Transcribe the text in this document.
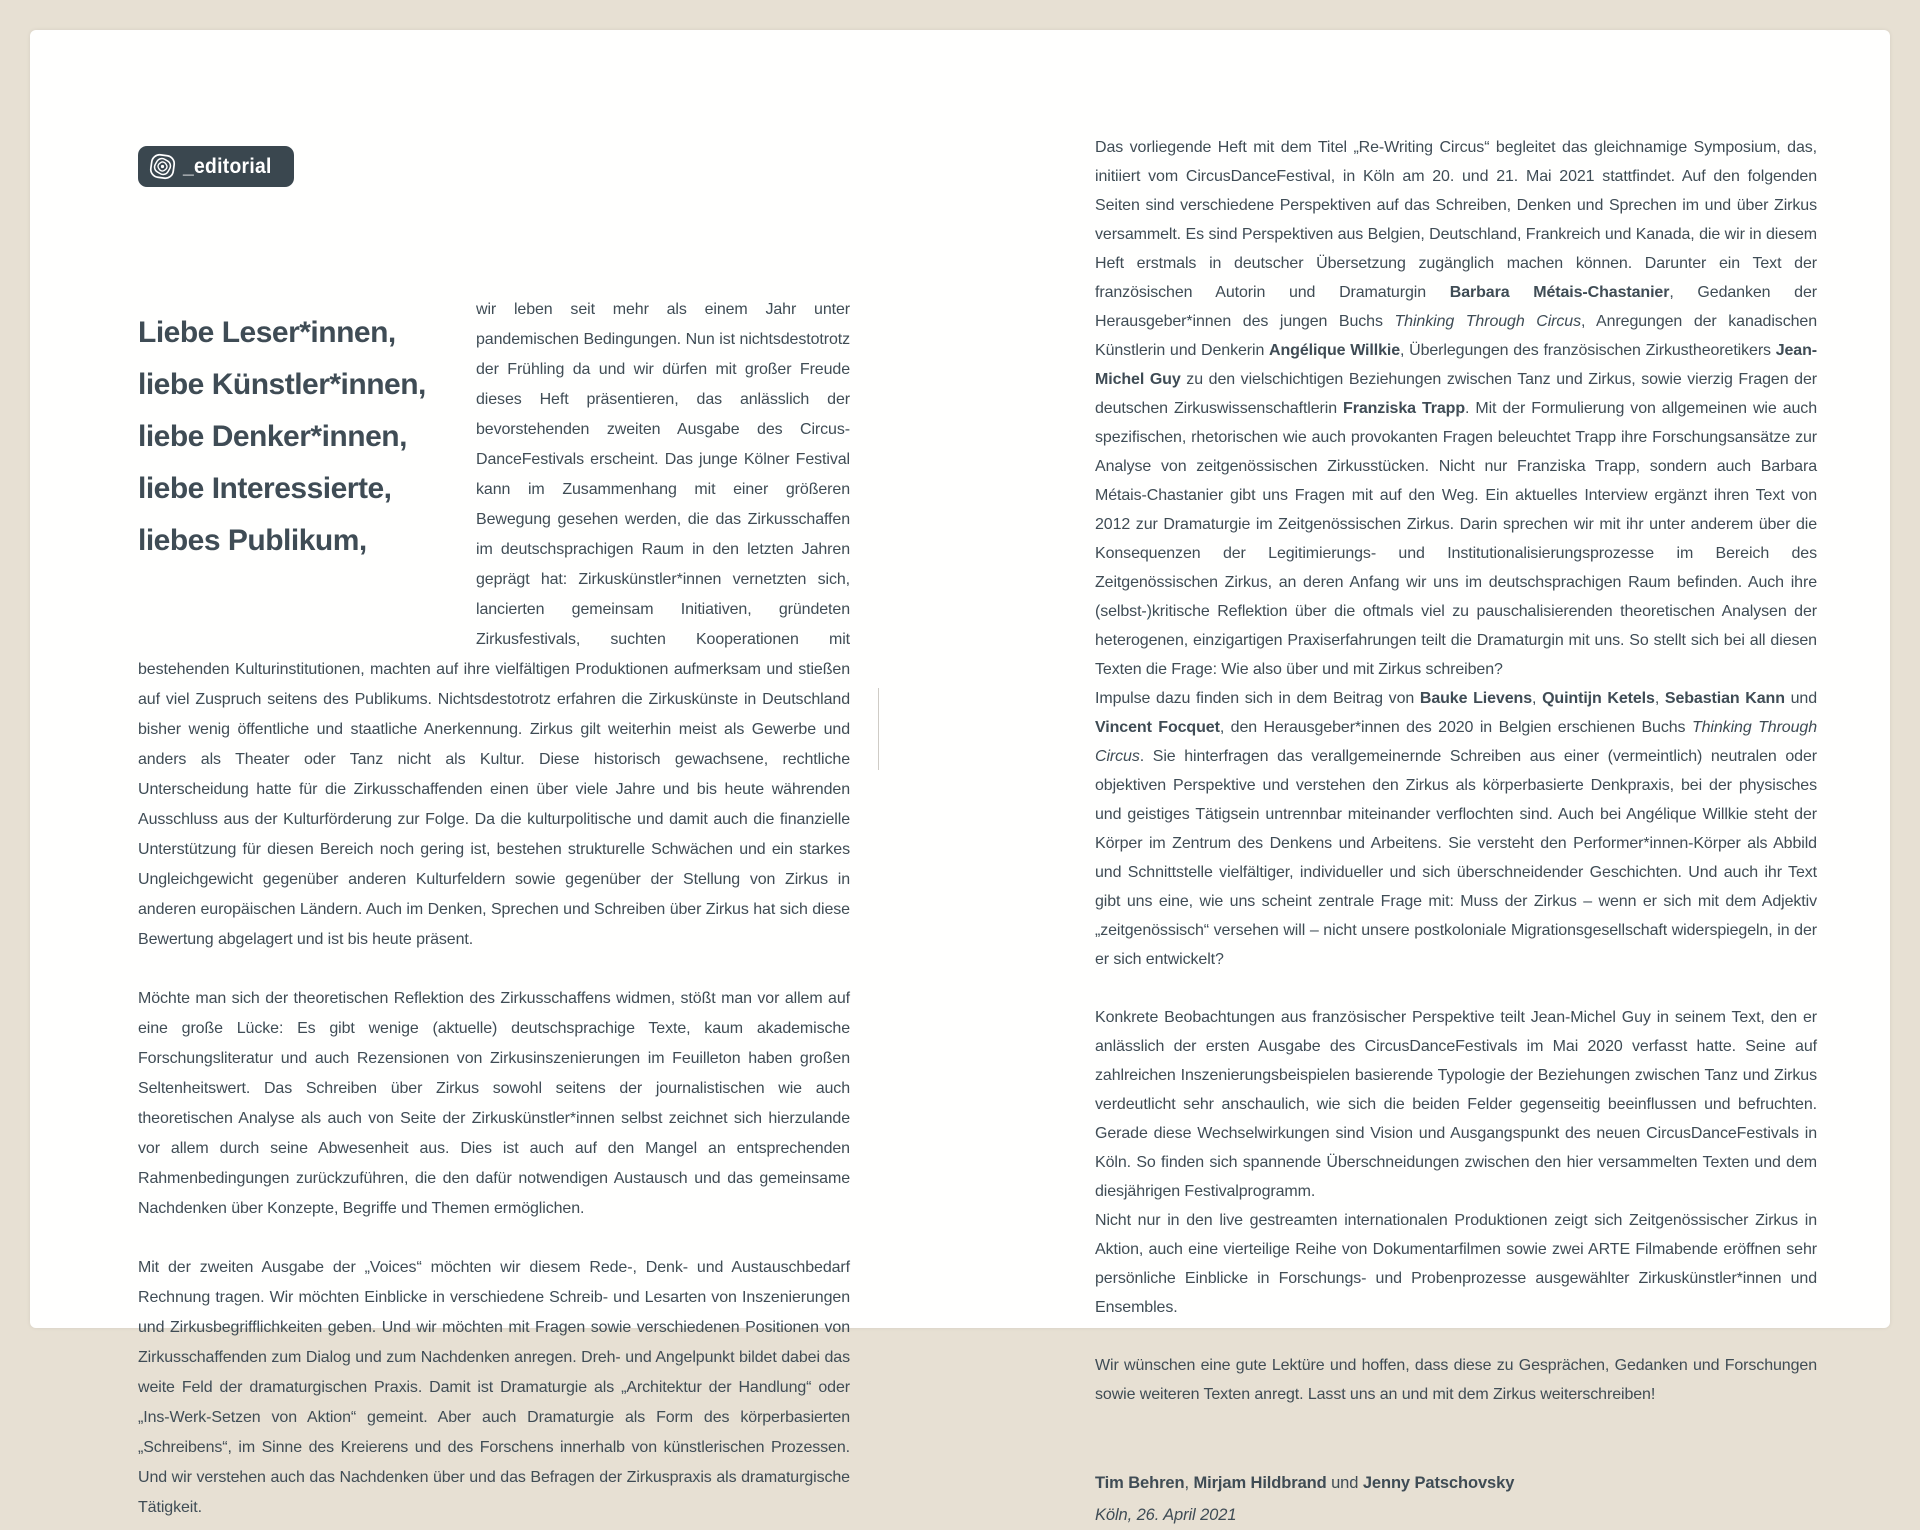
_editorial
Liebe Leser*innen,
liebe Künstler*innen,
liebe Denker*innen,
liebe Interessierte,
liebes Publikum,

wir leben seit mehr als einem Jahr unter pandemischen Bedingungen. Nun ist nichtsdestotrotz der Frühling da und wir dürfen mit großer Freude dieses Heft präsentieren, das anlässlich der bevorstehenden zweiten Ausgabe des Circus-DanceFestivals erscheint. Das junge Kölner Festival kann im Zusammenhang mit einer größeren Bewegung gesehen werden, die das Zirkusschaffen im deutschsprachigen Raum in den letzten Jahren geprägt hat: Zirkuskünstler*innen vernetzten sich, lancierten gemeinsam Initiativen, gründeten Zirkusfestivals, suchten Kooperationen mit bestehenden Kulturinstitutionen, machten auf ihre vielfältigen Produktionen aufmerksam und stießen auf viel Zuspruch seitens des Publikums. Nichtsdestotrotz erfahren die Zirkuskünste in Deutschland bisher wenig öffentliche und staatliche Anerkennung. Zirkus gilt weiterhin meist als Gewerbe und anders als Theater oder Tanz nicht als Kultur. Diese historisch gewachsene, rechtliche Unterscheidung hatte für die Zirkusschaffenden einen über viele Jahre und bis heute währenden Ausschluss aus der Kulturförderung zur Folge. Da die kulturpolitische und damit auch die finanzielle Unterstützung für diesen Bereich noch gering ist, bestehen strukturelle Schwächen und ein starkes Ungleichgewicht gegenüber anderen Kulturfeldern sowie gegenüber der Stellung von Zirkus in anderen europäischen Ländern. Auch im Denken, Sprechen und Schreiben über Zirkus hat sich diese Bewertung abgelagert und ist bis heute präsent.

Möchte man sich der theoretischen Reflektion des Zirkusschaffens widmen, stößt man vor allem auf eine große Lücke: Es gibt wenige (aktuelle) deutschsprachige Texte, kaum akademische Forschungsliteratur und auch Rezensionen von Zirkusinszenierungen im Feuilleton haben großen Seltenheitswert. Das Schreiben über Zirkus sowohl seitens der journalistischen wie auch theoretischen Analyse als auch von Seite der Zirkuskünstler*innen selbst zeichnet sich hierzulande vor allem durch seine Abwesenheit aus. Dies ist auch auf den Mangel an entsprechenden Rahmenbedingungen zurückzuführen, die den dafür notwendigen Austausch und das gemeinsame Nachdenken über Konzepte, Begriffe und Themen ermöglichen.

Mit der zweiten Ausgabe der „Voices“ möchten wir diesem Rede-, Denk- und Austauschbedarf Rechnung tragen. Wir möchten Einblicke in verschiedene Schreib- und Lesarten von Inszenierungen und Zirkusbegrifflichkeiten geben. Und wir möchten mit Fragen sowie verschiedenen Positionen von Zirkusschaffenden zum Dialog und zum Nachdenken anregen. Dreh- und Angelpunkt bildet dabei das weite Feld der dramaturgischen Praxis. Damit ist Dramaturgie als „Architektur der Handlung“ oder „Ins-Werk-Setzen von Aktion“ gemeint. Aber auch Dramaturgie als Form des körperbasierten „Schreibens“, im Sinne des Kreierens und des Forschens innerhalb von künstlerischen Prozessen. Und wir verstehen auch das Nachdenken über und das Befragen der Zirkuspraxis als dramaturgische Tätigkeit.

Das vorliegende Heft mit dem Titel „Re-Writing Circus“ begleitet das gleichnamige Symposium, das, initiiert vom CircusDanceFestival, in Köln am 20. und 21. Mai 2021 stattfindet. Auf den folgenden Seiten sind verschiedene Perspektiven auf das Schreiben, Denken und Sprechen im und über Zirkus versammelt. Es sind Perspektiven aus Belgien, Deutschland, Frankreich und Kanada, die wir in diesem Heft erstmals in deutscher Übersetzung zugänglich machen können. Darunter ein Text der französischen Autorin und Dramaturgin Barbara Métais-Chastanier, Gedanken der Herausgeber*innen des jungen Buchs Thinking Through Circus, Anregungen der kanadischen Künstlerin und Denkerin Angélique Willkie, Überlegungen des französischen Zirkustheoretikers Jean-Michel Guy zu den vielschichtigen Beziehungen zwischen Tanz und Zirkus, sowie vierzig Fragen der deutschen Zirkuswissenschaftlerin Franziska Trapp. Mit der Formulierung von allgemeinen wie auch spezifischen, rhetorischen wie auch provokanten Fragen beleuchtet Trapp ihre Forschungsansätze zur Analyse von zeitgenössischen Zirkusstücken. Nicht nur Franziska Trapp, sondern auch Barbara Métais-Chastanier gibt uns Fragen mit auf den Weg. Ein aktuelles Interview ergänzt ihren Text von 2012 zur Dramaturgie im Zeitgenössischen Zirkus. Darin sprechen wir mit ihr unter anderem über die Konsequenzen der Legitimierungs- und Institutionalisierungsprozesse im Bereich des Zeitgenössischen Zirkus, an deren Anfang wir uns im deutschsprachigen Raum befinden. Auch ihre (selbst-)kritische Reflektion über die oftmals viel zu pauschalisierenden theoretischen Analysen der heterogenen, einzigartigen Praxiserfahrungen teilt die Dramaturgin mit uns. So stellt sich bei all diesen Texten die Frage: Wie also über und mit Zirkus schreiben?

Impulse dazu finden sich in dem Beitrag von Bauke Lievens, Quintijn Ketels, Sebastian Kann und Vincent Focquet, den Herausgeber*innen des 2020 in Belgien erschienen Buchs Thinking Through Circus. Sie hinterfragen das verallgemeinernde Schreiben aus einer (vermeintlich) neutralen oder objektiven Perspektive und verstehen den Zirkus als körperbasierte Denkpraxis, bei der physisches und geistiges Tätigsein untrennbar miteinander verflochten sind. Auch bei Angélique Willkie steht der Körper im Zentrum des Denkens und Arbeitens. Sie versteht den Performer*innen-Körper als Abbild und Schnittstelle vielfältiger, individueller und sich überschneidender Geschichten. Und auch ihr Text gibt uns eine, wie uns scheint zentrale Frage mit: Muss der Zirkus – wenn er sich mit dem Adjektiv „zeitgenössisch“ versehen will – nicht unsere postkoloniale Migrationsgesellschaft widerspiegeln, in der er sich entwickelt?

Konkrete Beobachtungen aus französischer Perspektive teilt Jean-Michel Guy in seinem Text, den er anlässlich der ersten Ausgabe des CircusDanceFestivals im Mai 2020 verfasst hatte. Seine auf zahlreichen Inszenierungsbeispielen basierende Typologie der Beziehungen zwischen Tanz und Zirkus verdeutlicht sehr anschaulich, wie sich die beiden Felder gegenseitig beeinflussen und befruchten. Gerade diese Wechselwirkungen sind Vision und Ausgangspunkt des neuen CircusDanceFestivals in Köln. So finden sich spannende Überschneidungen zwischen den hier versammelten Texten und dem diesjährigen Festivalprogramm.

Nicht nur in den live gestreamten internationalen Produktionen zeigt sich Zeitgenössischer Zirkus in Aktion, auch eine vierteilige Reihe von Dokumentarfilmen sowie zwei ARTE Filmabende eröffnen sehr persönliche Einblicke in Forschungs- und Probenprozesse ausgewählter Zirkuskünstler*innen und Ensembles.

Wir wünschen eine gute Lektüre und hoffen, dass diese zu Gesprächen, Gedanken und Forschungen sowie weiteren Texten anregt. Lasst uns an und mit dem Zirkus weiterschreiben!

Tim Behren, Mirjam Hildbrand und Jenny Patschovsky
Köln, 26. April 2021
